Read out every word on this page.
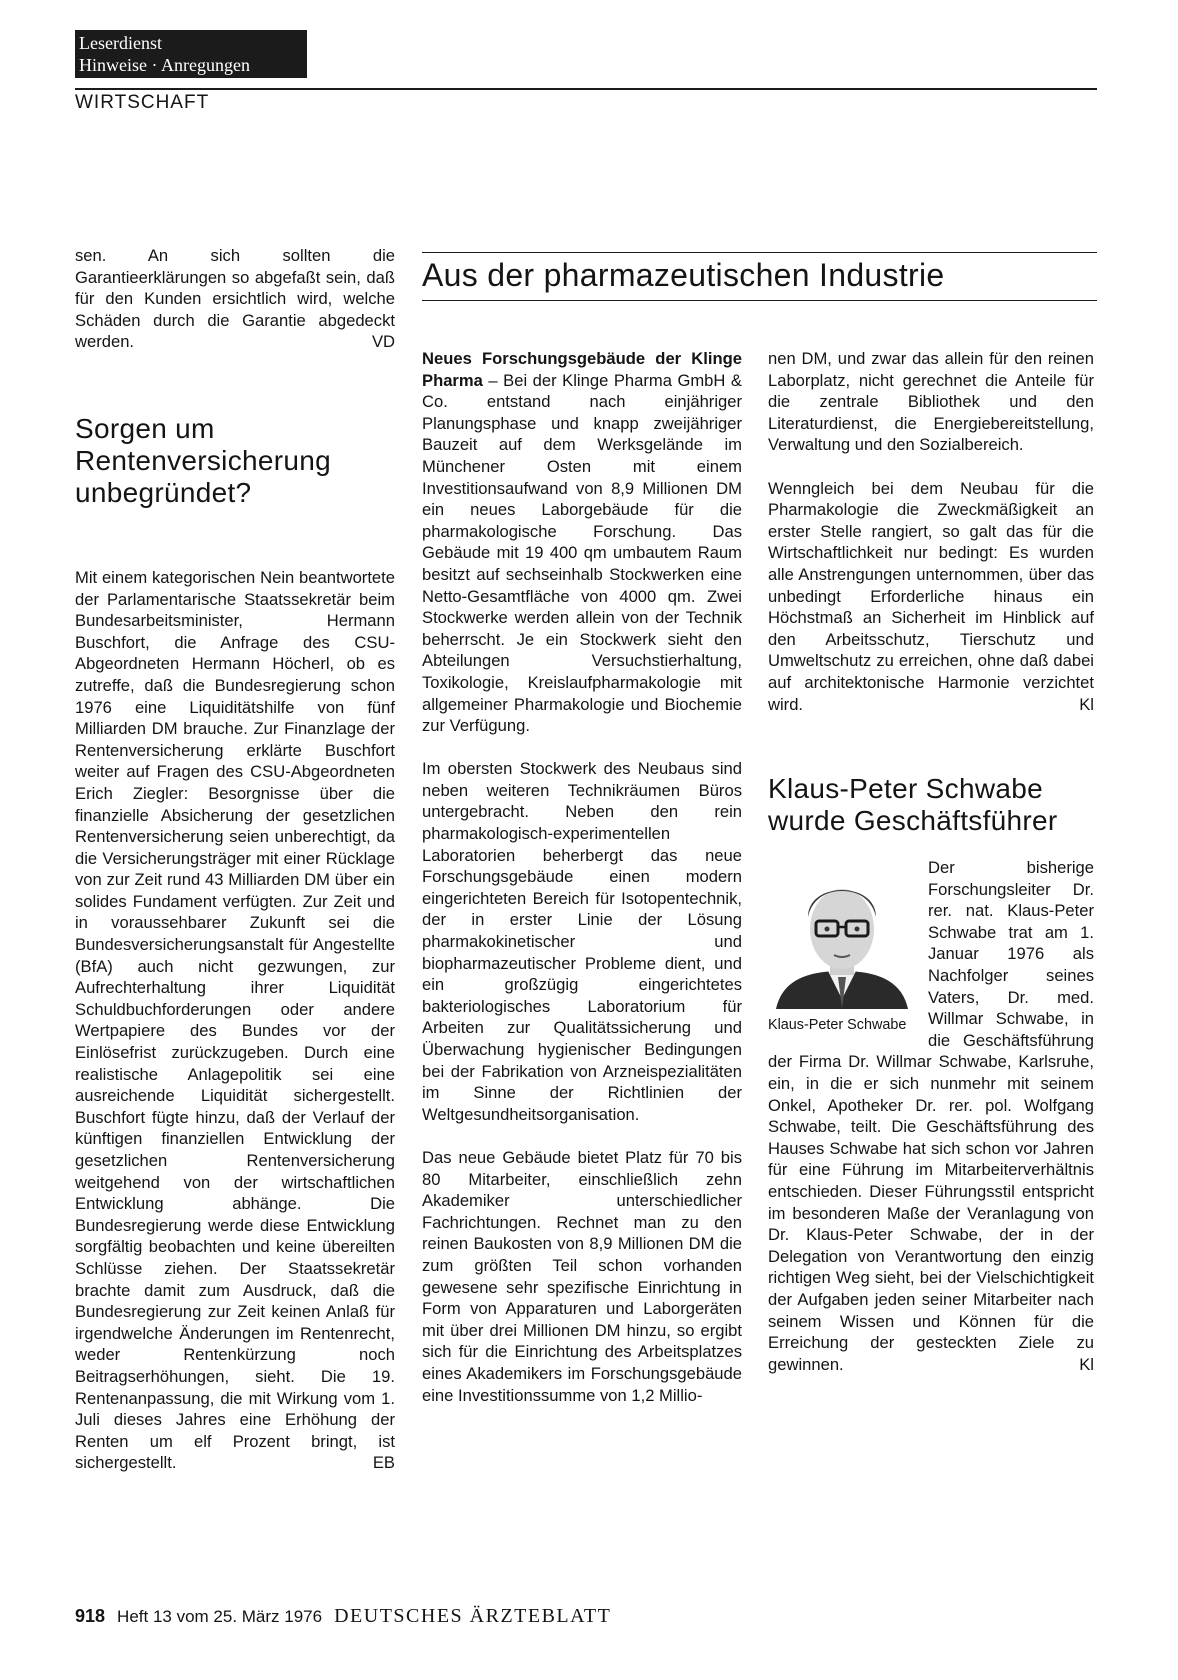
Leserdienst
Hinweise · Anregungen
WIRTSCHAFT

sen. An sich sollten die Garantieerklärungen so abgefaßt sein, daß für den Kunden ersichtlich wird, welche Schäden durch die Garantie abgedeckt werden.	VD

Sorgen um Rentenversicherung unbegründet?

Mit einem kategorischen Nein beantwortete der Parlamentarische Staatssekretär beim Bundesarbeitsminister, Hermann Buschfort, die Anfrage des CSU-Abgeordneten Hermann Höcherl, ob es zutreffe, daß die Bundesregierung schon 1976 eine Liquiditätshilfe von fünf Milliarden DM brauche. Zur Finanzlage der Rentenversicherung erklärte Buschfort weiter auf Fragen des CSU-Abgeordneten Erich Ziegler: Besorgnisse über die finanzielle Absicherung der gesetzlichen Rentenversicherung seien unberechtigt, da die Versicherungsträger mit einer Rücklage von zur Zeit rund 43 Milliarden DM über ein solides Fundament verfügten. Zur Zeit und in voraussehbarer Zukunft sei die Bundesversicherungsanstalt für Angestellte (BfA) auch nicht gezwungen, zur Aufrechterhaltung ihrer Liquidität Schuldbuchforderungen oder andere Wertpapiere des Bundes vor der Einlösefrist zurückzugeben. Durch eine realistische Anlagepolitik sei eine ausreichende Liquidität sichergestellt. Buschfort fügte hinzu, daß der Verlauf der künftigen finanziellen Entwicklung der gesetzlichen Rentenversicherung weitgehend von der wirtschaftlichen Entwicklung abhänge. Die Bundesregierung werde diese Entwicklung sorgfältig beobachten und keine übereilten Schlüsse ziehen. Der Staatssekretär brachte damit zum Ausdruck, daß die Bundesregierung zur Zeit keinen Anlaß für irgendwelche Änderungen im Rentenrecht, weder Rentenkürzung noch Beitragserhöhungen, sieht. Die 19. Rentenanpassung, die mit Wirkung vom 1. Juli dieses Jahres eine Erhöhung der Renten um elf Prozent bringt, ist sichergestellt.	EB

Aus der pharmazeutischen Industrie

Neues Forschungsgebäude der Klinge Pharma – Bei der Klinge Pharma GmbH & Co. entstand nach einjähriger Planungsphase und knapp zweijähriger Bauzeit auf dem Werksgelände im Münchener Osten mit einem Investitionsaufwand von 8,9 Millionen DM ein neues Laborgebäude für die pharmakologische Forschung. Das Gebäude mit 19 400 qm umbautem Raum besitzt auf sechseinhalb Stockwerken eine Netto-Gesamtfläche von 4000 qm. Zwei Stockwerke werden allein von der Technik beherrscht. Je ein Stockwerk sieht den Abteilungen Versuchstierhaltung, Toxikologie, Kreislaufpharmakologie mit allgemeiner Pharmakologie und Biochemie zur Verfügung.

Im obersten Stockwerk des Neubaus sind neben weiteren Technikräumen Büros untergebracht. Neben den rein pharmakologisch-experimentellen Laboratorien beherbergt das neue Forschungsgebäude einen modern eingerichteten Bereich für Isotopentechnik, der in erster Linie der Lösung pharmakokinetischer und biopharmazeutischer Probleme dient, und ein großzügig eingerichtetes bakteriologisches Laboratorium für Arbeiten zur Qualitätssicherung und Überwachung hygienischer Bedingungen bei der Fabrikation von Arzneispezialitäten im Sinne der Richtlinien der Weltgesundheitsorganisation.

Das neue Gebäude bietet Platz für 70 bis 80 Mitarbeiter, einschließlich zehn Akademiker unterschiedlicher Fachrichtungen. Rechnet man zu den reinen Baukosten von 8,9 Millionen DM die zum größten Teil schon vorhanden gewesene sehr spezifische Einrichtung in Form von Apparaturen und Laborgeräten mit über drei Millionen DM hinzu, so ergibt sich für die Einrichtung des Arbeitsplatzes eines Akademikers im Forschungsgebäude eine Investitionssumme von 1,2 Millio-

nen DM, und zwar das allein für den reinen Laborplatz, nicht gerechnet die Anteile für die zentrale Bibliothek und den Literaturdienst, die Energiebereitstellung, Verwaltung und den Sozialbereich.

Wenngleich bei dem Neubau für die Pharmakologie die Zweckmäßigkeit an erster Stelle rangiert, so galt das für die Wirtschaftlichkeit nur bedingt: Es wurden alle Anstrengungen unternommen, über das unbedingt Erforderliche hinaus ein Höchstmaß an Sicherheit im Hinblick auf den Arbeitsschutz, Tierschutz und Umweltschutz zu erreichen, ohne daß dabei auf architektonische Harmonie verzichtet wird.	Kl

Klaus-Peter Schwabe wurde Geschäftsführer
Klaus-Peter Schwabe

Der bisherige Forschungsleiter Dr. rer. nat. Klaus-Peter Schwabe trat am 1. Januar 1976 als Nachfolger seines Vaters, Dr. med. Willmar Schwabe, in die Geschäftsführung der Firma Dr. Willmar Schwabe, Karlsruhe, ein, in die er sich nunmehr mit seinem Onkel, Apotheker Dr. rer. pol. Wolfgang Schwabe, teilt. Die Geschäftsführung des Hauses Schwabe hat sich schon vor Jahren für eine Führung im Mitarbeiterverhältnis entschieden. Dieser Führungsstil entspricht im besonderen Maße der Veranlagung von Dr. Klaus-Peter Schwabe, der in der Delegation von Verantwortung den einzig richtigen Weg sieht, bei der Vielschichtigkeit der Aufgaben jeden seiner Mitarbeiter nach seinem Wissen und Können für die Erreichung der gesteckten Ziele zu gewinnen.	Kl

918 Heft 13 vom 25. März 1976 DEUTSCHES ÄRZTEBLATT
